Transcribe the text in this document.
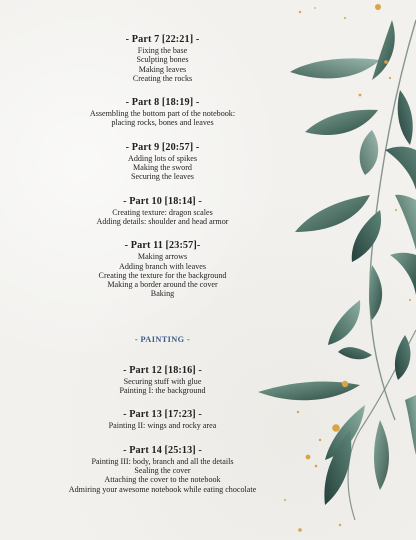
- Part 7 [22:21] -
Fixing the base
Sculpting bones
Making leaves
Creating the rocks
- Part 8 [18:19] -
Assembling the bottom part of the notebook:
placing rocks, bones and leaves
- Part 9 [20:57] -
Adding lots of spikes
Making the sword
Securing the leaves
- Part 10 [18:14] -
Creating texture: dragon scales
Adding details: shoulder and head armor
- Part 11 [23:57]-
Making arrows
Adding branch with leaves
Creating the texture for the background
Making a border around the cover
Baking
- PAINTING -
- Part 12 [18:16] -
Securing stuff with glue
Painting I: the background
- Part 13 [17:23] -
Painting II: wings and rocky area
- Part 14 [25:13] -
Painting III: body, branch and all the details
Sealing the cover
Attaching the cover to the notebook
Admiring your awesome notebook while eating chocolate
